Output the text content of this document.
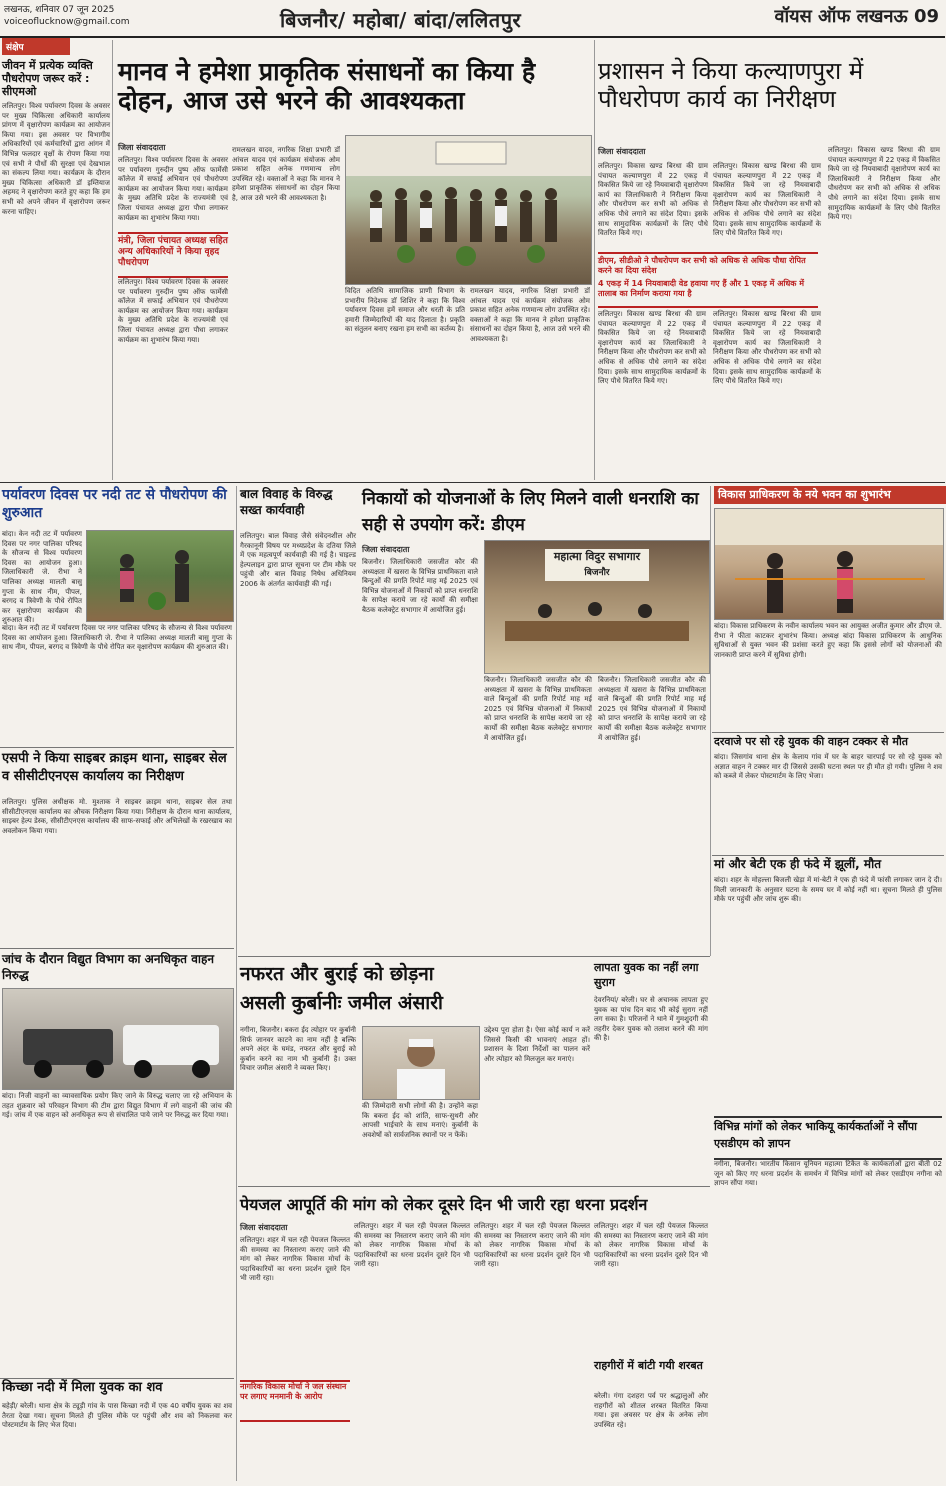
लखनऊ, शनिवार 07 जून 2025
voiceoflucknow@gmail.com	बिजनौर/ महोबा/ बांदा/ललितपुर	वॉयस ऑफ लखनऊ 09
संक्षेप
जीवन में प्रत्येक व्यक्ति पौधरोपण जरूर करें : सीएमओ
ललितपुर। विश्व पर्यावरण दिवस के अवसर पर मुख्य चिकित्सा अधिकारी कार्यालय प्रांगण में वृक्षारोपण कार्यक्रम का आयोजन किया गया। इस अवसर पर विभागीय अधिकारियों एवं कर्मचारियों द्वारा आंगन में विभिन्न फलदार वृक्षों के रोपण किया गया एवं सभी ने पौधों की सुरक्षा एवं देखभाल का संकल्प लिया गया। कार्यक्रम के दौरान मुख्य चिकित्सा अधिकारी डॉ इम्तियाज अहमद ने वृक्षारोपण करते हुए कहा कि हम सभी को अपने जीवन में वृक्षारोपण जरूर करना चाहिए।
मानव ने हमेशा प्राकृतिक संसाधनों का किया है दोहन, आज उसे भरने की आवश्यकता
जिला संवाददाता
ललितपुर। विश्व पर्यावरण दिवस के अवसर पर पर्यावरण गुरुदीन पुष्प ऑफ फार्मेसी कॉलेज में सफाई अभियान एवं पौधरोपण कार्यक्रम का आयोजन किया गया। कार्यक्रम के मुख्य अतिथि प्रदेश के राज्यमंत्री एवं जिला पंचायत अध्यक्ष द्वारा पौधा लगाकर कार्यक्रम का शुभारंभ किया गया।
मंत्री, जिला पंचायत अध्यक्ष सहित अन्य अधिकारियों ने किया वृहद पौधरोपण
ललितपुर। विश्व पर्यावरण दिवस के अवसर पर पर्यावरण गुरुदीन पुष्प ऑफ फार्मेसी कॉलेज में सफाई अभियान एवं पौधरोपण कार्यक्रम का आयोजन किया गया। कार्यक्रम के मुख्य अतिथि प्रदेश के राज्यमंत्री एवं जिला पंचायत अध्यक्ष द्वारा पौधा लगाकर कार्यक्रम का शुभारंभ किया गया।
रामलखन यादव, नगरिक शिक्षा प्रभारी डॉ आंचल यादव एवं कार्यक्रम संयोजक ओम प्रकाश सहित अनेक गणमान्य लोग उपस्थित रहे। वक्ताओं ने कहा कि मानव ने हमेशा प्राकृतिक संसाधनों का दोहन किया है, आज उसे भरने की आवश्यकता है।
विदित अतिथि सामाजिक प्राणी विभाग के प्रभारीय निदेशक डॉ शिशिर ने कहा कि विश्व पर्यावरण दिवस हमें समाज और धरती के प्रति हमारी जिम्मेदारियों की याद दिलाता है। प्रकृति का संतुलन बनाए रखना हम सभी का कर्तव्य है।
रामलखन यादव, नगरिक शिक्षा प्रभारी डॉ आंचल यादव एवं कार्यक्रम संयोजक ओम प्रकाश सहित अनेक गणमान्य लोग उपस्थित रहे। वक्ताओं ने कहा कि मानव ने हमेशा प्राकृतिक संसाधनों का दोहन किया है, आज उसे भरने की आवश्यकता है।
प्रशासन ने किया कल्याणपुरा में पौधरोपण कार्य का निरीक्षण
जिला संवाददाता
ललितपुर। विकास खण्ड बिरधा की ग्राम पंचायत कल्याणपुरा में 22 एकड़ में विकसित किये जा रहे नियवाबादी वृक्षारोपण कार्य का जिलाधिकारी ने निरीक्षण किया और पौधरोपण कर सभी को अधिक से अधिक पौधे लगाने का संदेश दिया। इसके साथ सामुदायिक कार्यक्रमों के लिए पौधे वितरित किये गए।
डीएम, सीडीओ ने पौधरोपण कर सभी को अधिक से अधिक पौधा रोपित करने का दिया संदेश
4 एकड़ में 14 नियवाबादी वेड हवाया गए हैं और 1 एकड़ में अधिक में तालाब का निर्माण कराया गया है
ललितपुर। विकास खण्ड बिरधा की ग्राम पंचायत कल्याणपुरा में 22 एकड़ में विकसित किये जा रहे नियवाबादी वृक्षारोपण कार्य का जिलाधिकारी ने निरीक्षण किया और पौधरोपण कर सभी को अधिक से अधिक पौधे लगाने का संदेश दिया। इसके साथ सामुदायिक कार्यक्रमों के लिए पौधे वितरित किये गए।
ललितपुर। विकास खण्ड बिरधा की ग्राम पंचायत कल्याणपुरा में 22 एकड़ में विकसित किये जा रहे नियवाबादी वृक्षारोपण कार्य का जिलाधिकारी ने निरीक्षण किया और पौधरोपण कर सभी को अधिक से अधिक पौधे लगाने का संदेश दिया। इसके साथ सामुदायिक कार्यक्रमों के लिए पौधे वितरित किये गए।
ललितपुर। विकास खण्ड बिरधा की ग्राम पंचायत कल्याणपुरा में 22 एकड़ में विकसित किये जा रहे नियवाबादी वृक्षारोपण कार्य का जिलाधिकारी ने निरीक्षण किया और पौधरोपण कर सभी को अधिक से अधिक पौधे लगाने का संदेश दिया। इसके साथ सामुदायिक कार्यक्रमों के लिए पौधे वितरित किये गए।
ललितपुर। विकास खण्ड बिरधा की ग्राम पंचायत कल्याणपुरा में 22 एकड़ में विकसित किये जा रहे नियवाबादी वृक्षारोपण कार्य का जिलाधिकारी ने निरीक्षण किया और पौधरोपण कर सभी को अधिक से अधिक पौधे लगाने का संदेश दिया। इसके साथ सामुदायिक कार्यक्रमों के लिए पौधे वितरित किये गए।
पर्यावरण दिवस पर नदी तट से पौधरोपण की शुरुआत
बांदा। केन नदी तट में पर्यावरण दिवस पर नगर पालिका परिषद के सौजन्य से विश्व पर्यावरण दिवस का आयोजन हुआ। जिलाधिकारी जे. रीभा ने पालिका अध्यक्ष मालती बासु गुप्ता के साथ नीम, पीपल, बरगद व त्रिवेणी के पौधे रोपित कर वृक्षारोपण कार्यक्रम की शुरुआत की।
बांदा। केन नदी तट में पर्यावरण दिवस पर नगर पालिका परिषद के सौजन्य से विश्व पर्यावरण दिवस का आयोजन हुआ। जिलाधिकारी जे. रीभा ने पालिका अध्यक्ष मालती बासु गुप्ता के साथ नीम, पीपल, बरगद व त्रिवेणी के पौधे रोपित कर वृक्षारोपण कार्यक्रम की शुरुआत की।
एसपी ने किया साइबर क्राइम थाना, साइबर सेल व सीसीटीएनएस कार्यालय का निरीक्षण
ललितपुर। पुलिस अधीक्षक मो. मुश्ताक ने साइबर क्राइम थाना, साइबर सेल तथा सीसीटीएनएस कार्यालय का औचक निरीक्षण किया गया। निरीक्षण के दौरान थाना कार्यालय, साइबर हेल्प डेस्क, सीसीटीएनएस कार्यालय की साफ-सफाई और अभिलेखों के रखरखाव का अवलोकन किया गया।
जांच के दौरान विद्युत विभाग का अनधिकृत वाहन निरुद्ध
बांदा। निजी वाहनों का व्यावसायिक प्रयोग किए जाने के विरुद्ध चलाए जा रहे अभियान के तहत शुक्रवार को परिवहन विभाग की टीम द्वारा विद्युत विभाग में लगे वाहनों की जांच की गई। जांच में एक वाहन को अनधिकृत रूप से संचालित पाये जाने पर निरुद्ध कर दिया गया।
किच्छा नदी में मिला युवक का शव
बहेड़ी/ बरेली। थाना क्षेत्र के ट्यूड़ी गांव के पास किच्छा नदी में एक 40 वर्षीय युवक का शव तैरता देखा गया। सूचना मिलते ही पुलिस मौके पर पहुंची और शव को निकलवा कर पोस्टमार्टम के लिए भेज दिया।
बाल विवाह के विरुद्ध सख्त कार्यवाही
ललितपुर। बाल विवाह जैसे संवेदनशील और गैरकानूनी विषय पर मध्यप्रदेश के दतिया जिले में एक महत्वपूर्ण कार्यवाही की गई है। चाइल्ड हेल्पलाइन द्वारा प्राप्त सूचना पर टीम मौके पर पहुंची और बाल विवाह निषेध अधिनियम 2006 के अंतर्गत कार्यवाही की गई।
निकायों को योजनाओं के लिए मिलने वाली धनराशि का सही से उपयोग करें: डीएम
जिला संवाददाता
बिजनौर। जिलाधिकारी जसजीत कौर की अध्यक्षता में खसरा के विभिन्न प्राथमिकता वाले बिन्दुओं की प्रगति रिपोर्ट माह मई 2025 एवं विभिन्न योजनाओं में निकायों को प्राप्त धनराशि के सापेक्ष कराये जा रहे कार्यों की समीक्षा बैठक कलेक्ट्रेट सभागार में आयोजित हुई।
महात्मा विदुर सभागार
बिजनौर
बिजनौर। जिलाधिकारी जसजीत कौर की अध्यक्षता में खसरा के विभिन्न प्राथमिकता वाले बिन्दुओं की प्रगति रिपोर्ट माह मई 2025 एवं विभिन्न योजनाओं में निकायों को प्राप्त धनराशि के सापेक्ष कराये जा रहे कार्यों की समीक्षा बैठक कलेक्ट्रेट सभागार में आयोजित हुई।
बिजनौर। जिलाधिकारी जसजीत कौर की अध्यक्षता में खसरा के विभिन्न प्राथमिकता वाले बिन्दुओं की प्रगति रिपोर्ट माह मई 2025 एवं विभिन्न योजनाओं में निकायों को प्राप्त धनराशि के सापेक्ष कराये जा रहे कार्यों की समीक्षा बैठक कलेक्ट्रेट सभागार में आयोजित हुई।
विकास प्राधिकरण के नये भवन का शुभारंभ
बांदा। विकास प्राधिकरण के नवीन कार्यालय भवन का आयुक्त अजीत कुमार और डीएम जे. रीभा ने फीता काटकर शुभारंभ किया। अध्यक्ष बांदा विकास प्राधिकरण के आधुनिक सुविधाओं से युक्त भवन की प्रशंसा करते हुए कहा कि इससे लोगों को योजनाओं की जानकारी प्राप्त करने में सुविधा होगी।
दरवाजे पर सो रहे युवक की वाहन टक्कर से मौत
बांदा। जिसगांव थाना क्षेत्र के केलाय गांव में घर के बाहर चारपाई पर सो रहे युवक को अज्ञात वाहन ने टक्कर मार दी जिससे उसकी घटना स्थल पर ही मौत हो गयी। पुलिस ने शव को कब्जे में लेकर पोस्टमार्टम के लिए भेजा।
मां और बेटी एक ही फंदे में झूलीं, मौत
बांदा। शहर के मोहल्ला बिजली खेड़ा में मां-बेटी ने एक ही फंदे में फांसी लगाकर जान दे दी। मिली जानकारी के अनुसार घटना के समय घर में कोई नहीं था। सूचना मिलते ही पुलिस मौके पर पहुंची और जांच शुरू की।
नफरत और बुराई को छोड़ना असली कुर्बानीः जमील अंसारी
नगीना, बिजनौर। बकरा ईद त्योहार पर कुर्बानी सिर्फ जानवर काटने का नाम नहीं है बल्कि अपने अंदर के घमंड, नफरत और बुराई को कुर्बान करने का नाम भी कुर्बानी है। उक्त विचार जमील अंसारी ने व्यक्त किए।
की जिम्मेदारी सभी लोगों की है। उन्होंने कहा कि बकरा ईद को शांति, साफ-सुथरी और आपसी भाईचारे के साथ मनाएं। कुर्बानी के अवशेषों को सार्वजनिक स्थानों पर न फेंकें।
उद्देश्य पूरा होता है। ऐसा कोई कार्य न करें जिससे किसी की भावनाएं आहत हों। प्रशासन के दिशा निर्देशों का पालन करें और त्योहार को मिलजुल कर मनाएं।
लापता युवक का नहीं लगा सुराग
देवरनियां/ बरेली। घर से अचानक लापता हुए युवक का पांच दिन बाद भी कोई सुराग नहीं लग सका है। परिजनों ने थाने में गुमशुदगी की तहरीर देकर युवक को तलाश करने की मांग की है।
विभिन्न मांगों को लेकर भाकियू कार्यकर्ताओं ने सौंपा एसडीएम को ज्ञापन
नगीना, बिजनौर। भारतीय किसान यूनियन महात्मा टिकैत के कार्यकर्ताओं द्वारा बीती 02 जून को किए गए धरना प्रदर्शन के समर्थन में विभिन्न मांगों को लेकर एसडीएम नगीना को ज्ञापन सौंपा गया।
राहगीरों में बांटी गयी शरबत
बरेली। गंगा दशहरा पर्व पर श्रद्धालुओं और राहगीरों को शीतल शरबत वितरित किया गया। इस अवसर पर क्षेत्र के अनेक लोग उपस्थित रहे।
पेयजल आपूर्ति की मांग को लेकर दूसरे दिन भी जारी रहा धरना प्रदर्शन
जिला संवाददाता
ललितपुर। शहर में चल रही पेयजल किल्लत की समस्या का निस्तारण कराए जाने की मांग को लेकर नागरिक विकास मोर्चा के पदाधिकारियों का धरना प्रदर्शन दूसरे दिन भी जारी रहा।
नागरिक विकास मोर्चा ने जल संस्थान पर लगाए मनमानी के आरोप
ललितपुर। शहर में चल रही पेयजल किल्लत की समस्या का निस्तारण कराए जाने की मांग को लेकर नागरिक विकास मोर्चा के पदाधिकारियों का धरना प्रदर्शन दूसरे दिन भी जारी रहा।
ललितपुर। शहर में चल रही पेयजल किल्लत की समस्या का निस्तारण कराए जाने की मांग को लेकर नागरिक विकास मोर्चा के पदाधिकारियों का धरना प्रदर्शन दूसरे दिन भी जारी रहा।
ललितपुर। शहर में चल रही पेयजल किल्लत की समस्या का निस्तारण कराए जाने की मांग को लेकर नागरिक विकास मोर्चा के पदाधिकारियों का धरना प्रदर्शन दूसरे दिन भी जारी रहा।
